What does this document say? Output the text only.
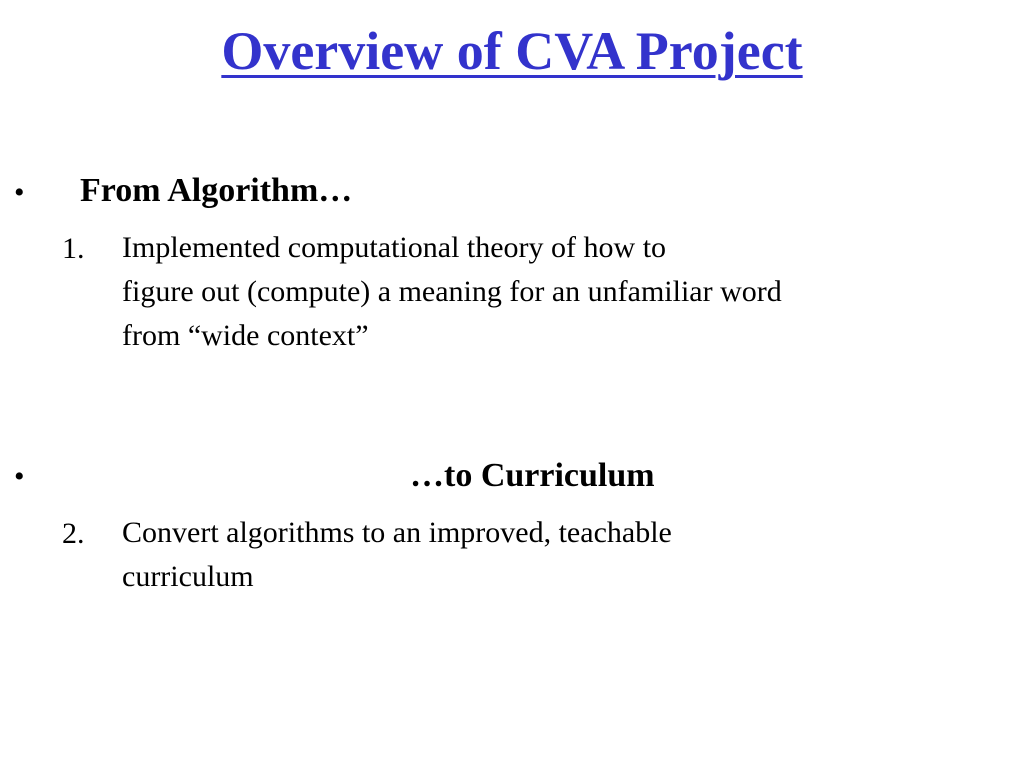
Overview of CVA Project
• From Algorithm…
1. Implemented computational theory of how to
figure out (compute) a meaning for an unfamiliar word
from “wide context”
•	…to Curriculum
2. Convert algorithms to an improved, teachable
curriculum
